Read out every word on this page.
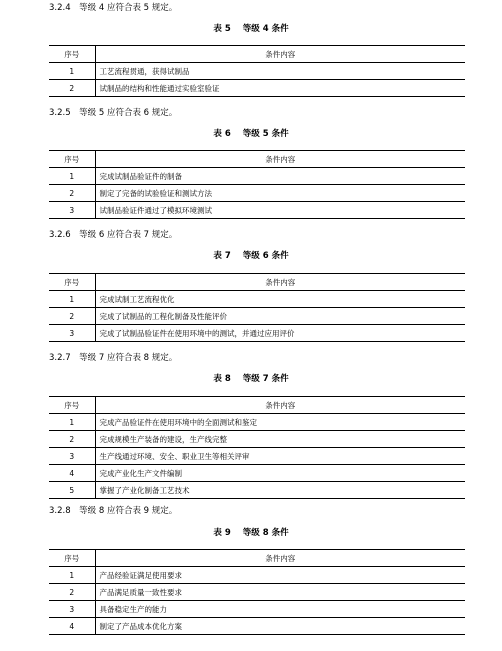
3.2.4　等级 4 应符合表 5 规定。
表 5 等级 4 条件
序号	条件内容
1	工艺流程贯通，获得试制品
2	试制品的结构和性能通过实验室验证
3.2.5　等级 5 应符合表 6 规定。
表 6 等级 5 条件
序号	条件内容
1	完成试制品验证件的制备
2	制定了完备的试验验证和测试方法
3	试制品验证件通过了模拟环境测试
3.2.6　等级 6 应符合表 7 规定。
表 7 等级 6 条件
序号	条件内容
1	完成试制工艺流程优化
2	完成了试制品的工程化制备及性能评价
3	完成了试制品验证件在使用环境中的测试，并通过应用评价
3.2.7　等级 7 应符合表 8 规定。
表 8 等级 7 条件
序号	条件内容
1	完成产品验证件在使用环境中的全面测试和鉴定
2	完成规模生产装备的建设，生产线完整
3	生产线通过环境、安全、职业卫生等相关评审
4	完成产业化生产文件编制
5	掌握了产业化制备工艺技术
3.2.8　等级 8 应符合表 9 规定。
表 9 等级 8 条件
序号	条件内容
1	产品经验证满足使用要求
2	产品满足质量一致性要求
3	具备稳定生产的能力
4	制定了产品成本优化方案
